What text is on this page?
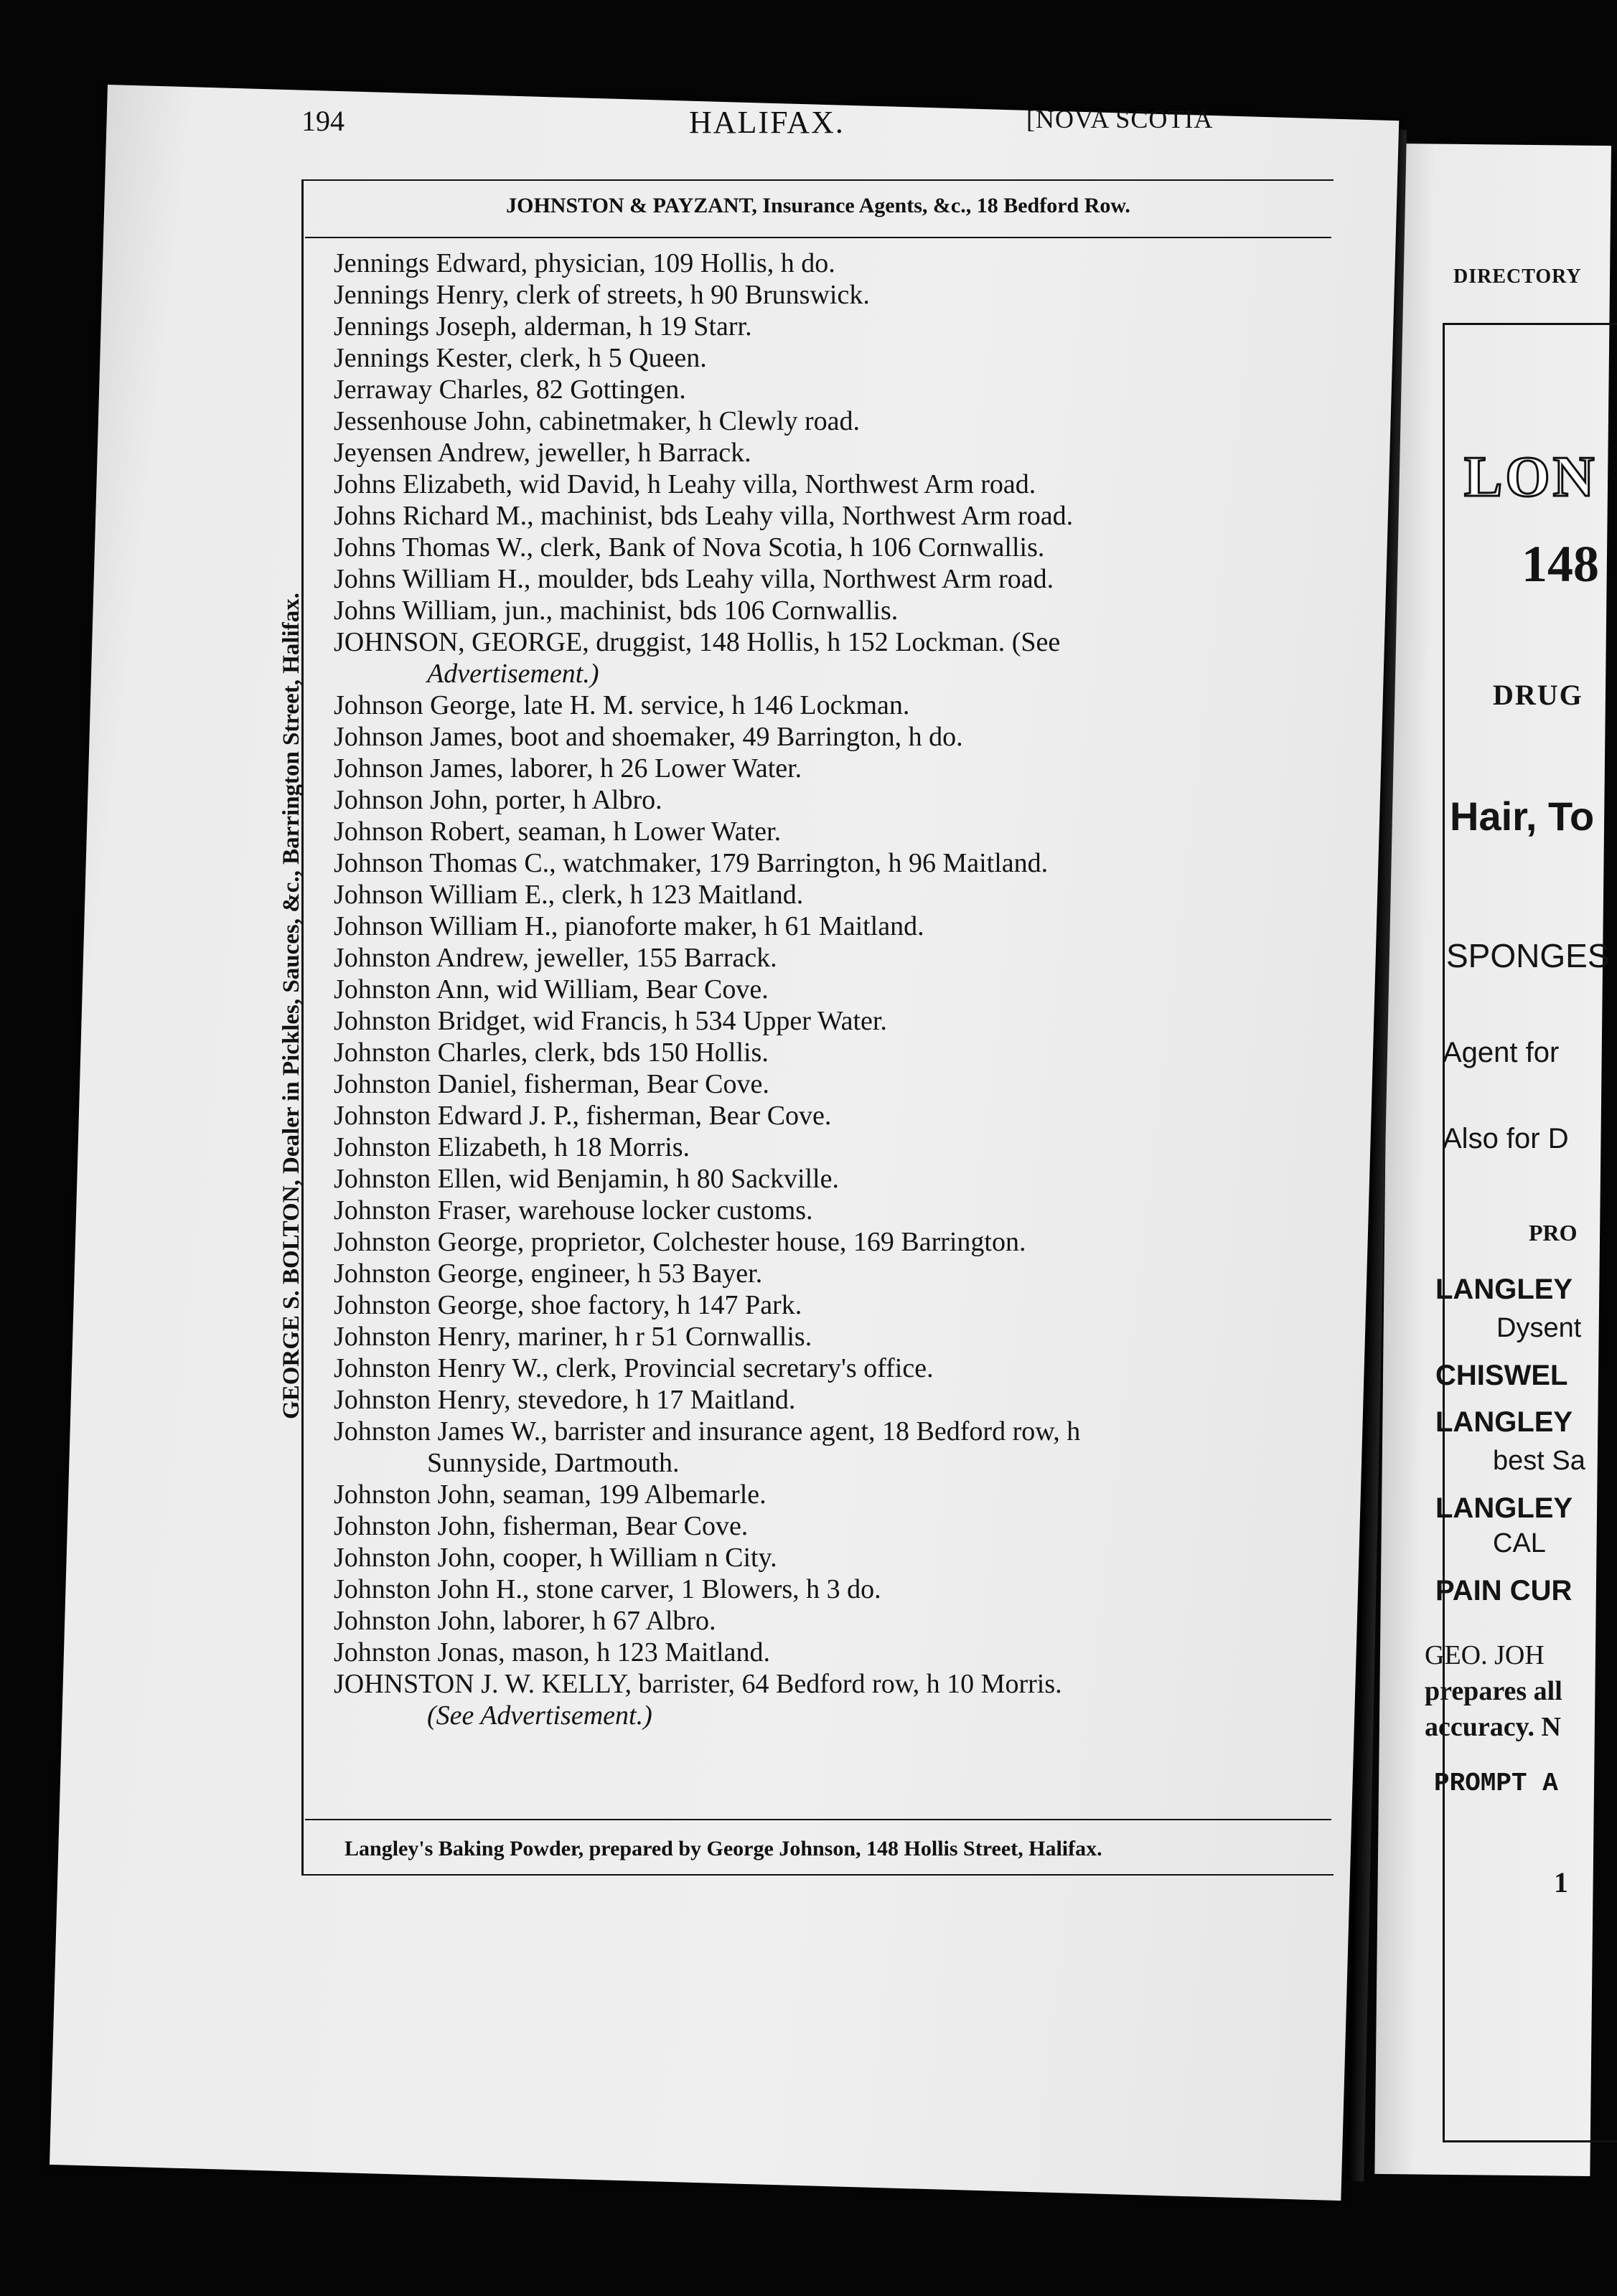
194	HALIFAX.	[NOVA SCOTIA
JOHNSTON & PAYZANT, Insurance Agents, &c., 18 Bedford Row.
Jennings Edward, physician, 109 Hollis, h do.
Jennings Henry, clerk of streets, h 90 Brunswick.
Jennings Joseph, alderman, h 19 Starr.
Jennings Kester, clerk, h 5 Queen.
Jerraway Charles, 82 Gottingen.
Jessenhouse John, cabinetmaker, h Clewly road.
Jeyensen Andrew, jeweller, h Barrack.
Johns Elizabeth, wid David, h Leahy villa, Northwest Arm road.
Johns Richard M., machinist, bds Leahy villa, Northwest Arm road.
Johns Thomas W., clerk, Bank of Nova Scotia, h 106 Cornwallis.
Johns William H., moulder, bds Leahy villa, Northwest Arm road.
Johns William, jun., machinist, bds 106 Cornwallis.
JOHNSON, GEORGE, druggist, 148 Hollis, h 152 Lockman. (See
Advertisement.)
Johnson George, late H. M. service, h 146 Lockman.
Johnson James, boot and shoemaker, 49 Barrington, h do.
Johnson James, laborer, h 26 Lower Water.
Johnson John, porter, h Albro.
Johnson Robert, seaman, h Lower Water.
Johnson Thomas C., watchmaker, 179 Barrington, h 96 Maitland.
Johnson William E., clerk, h 123 Maitland.
Johnson William H., pianoforte maker, h 61 Maitland.
Johnston Andrew, jeweller, 155 Barrack.
Johnston Ann, wid William, Bear Cove.
Johnston Bridget, wid Francis, h 534 Upper Water.
Johnston Charles, clerk, bds 150 Hollis.
Johnston Daniel, fisherman, Bear Cove.
Johnston Edward J. P., fisherman, Bear Cove.
Johnston Elizabeth, h 18 Morris.
Johnston Ellen, wid Benjamin, h 80 Sackville.
Johnston Fraser, warehouse locker customs.
Johnston George, proprietor, Colchester house, 169 Barrington.
Johnston George, engineer, h 53 Bayer.
Johnston George, shoe factory, h 147 Park.
Johnston Henry, mariner, h r 51 Cornwallis.
Johnston Henry W., clerk, Provincial secretary's office.
Johnston Henry, stevedore, h 17 Maitland.
Johnston James W., barrister and insurance agent, 18 Bedford row, h
Sunnyside, Dartmouth.
Johnston John, seaman, 199 Albemarle.
Johnston John, fisherman, Bear Cove.
Johnston John, cooper, h William n City.
Johnston John H., stone carver, 1 Blowers, h 3 do.
Johnston John, laborer, h 67 Albro.
Johnston Jonas, mason, h 123 Maitland.
JOHNSTON J. W. KELLY, barrister, 64 Bedford row, h 10 Morris.
(See Advertisement.)
Langley's Baking Powder, prepared by George Johnson, 148 Hollis Street, Halifax.
GEORGE S. BOLTON, Dealer in Pickles, Sauces, &c., Barrington Street, Halifax.
DIRECTORY
LON
148
DRUG
Hair, To
SPONGES
Agent for
Also for D
PRO
LANGLEY
Dysent
CHISWEL
LANGLEY
best Sa
LANGLEY
CAL
PAIN CUR
GEO. JOH
prepares all
accuracy. N
PROMPT A
1
